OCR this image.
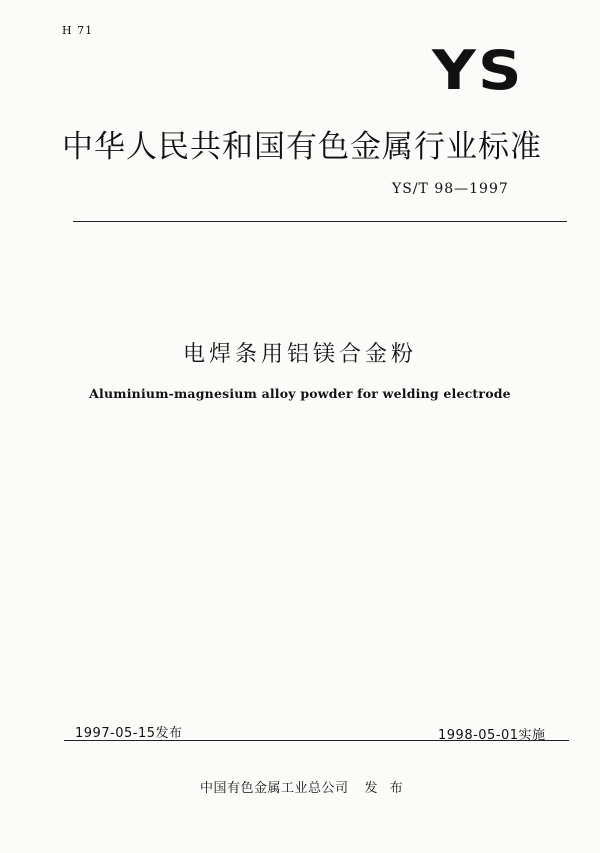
H 71
YS
中华人民共和国有色金属行业标准
YS/T 98—1997
电焊条用铝镁合金粉
Aluminium-magnesium alloy powder for welding electrode
1997-05-15发布	1998-05-01实施
中国有色金属工业总公司 发 布
